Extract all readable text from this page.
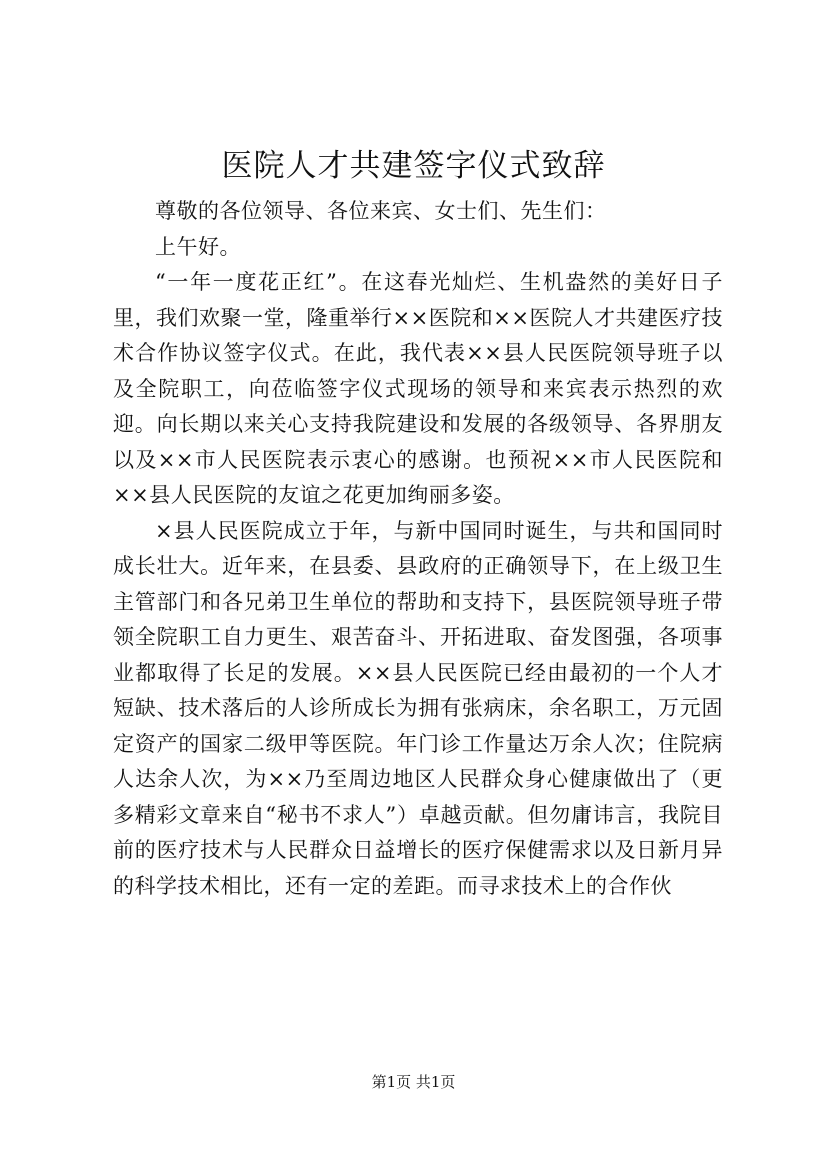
医院人才共建签字仪式致辞

尊敬的各位领导、各位来宾、女士们、先生们：

上午好。

“一年一度花正红”。在这春光灿烂、生机盎然的美好日子里，我们欢聚一堂，隆重举行××医院和××医院人才共建医疗技术合作协议签字仪式。在此，我代表××县人民医院领导班子以及全院职工，向莅临签字仪式现场的领导和来宾表示热烈的欢迎。向长期以来关心支持我院建设和发展的各级领导、各界朋友以及××市人民医院表示衷心的感谢。也预祝××市人民医院和××县人民医院的友谊之花更加绚丽多姿。

×县人民医院成立于年，与新中国同时诞生，与共和国同时成长壮大。近年来，在县委、县政府的正确领导下，在上级卫生主管部门和各兄弟卫生单位的帮助和支持下，县医院领导班子带领全院职工自力更生、艰苦奋斗、开拓进取、奋发图强，各项事业都取得了长足的发展。××县人民医院已经由最初的一个人才短缺、技术落后的人诊所成长为拥有张病床，余名职工，万元固定资产的国家二级甲等医院。年门诊工作量达万余人次；住院病人达余人次，为××乃至周边地区人民群众身心健康做出了（更多精彩文章来自“秘书不求人”）卓越贡献。但勿庸讳言，我院目前的医疗技术与人民群众日益增长的医疗保健需求以及日新月异的科学技术相比，还有一定的差距。而寻求技术上的合作伙

第1页 共1页
